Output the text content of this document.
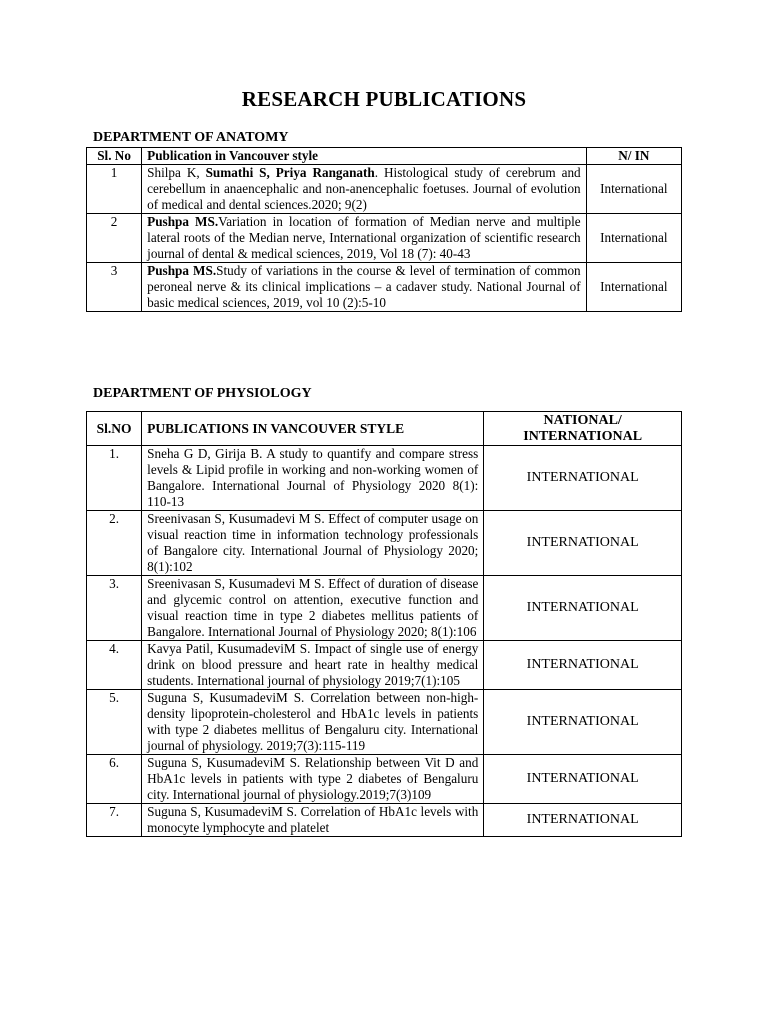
RESEARCH PUBLICATIONS
DEPARTMENT OF ANATOMY
Sl. No	Publication in Vancouver style	N/ IN
1	Shilpa K, Sumathi S, Priya Ranganath. Histological study of cerebrum and cerebellum in anaencephalic and non-anencephalic foetuses. Journal of evolution of medical and dental sciences.2020; 9(2)	International
2	Pushpa MS.Variation in location of formation of Median nerve and multiple lateral roots of the Median nerve, International organization of scientific research journal of dental & medical sciences, 2019, Vol 18 (7): 40-43	International
3	Pushpa MS.Study of variations in the course & level of termination of common peroneal nerve & its clinical implications – a cadaver study. National Journal of basic medical sciences, 2019, vol 10 (2):5-10	International
DEPARTMENT OF PHYSIOLOGY
Sl.NO	PUBLICATIONS IN VANCOUVER STYLE	NATIONAL/ INTERNATIONAL
1.	Sneha G D, Girija B. A study to quantify and compare stress levels & Lipid profile in working and non-working women of Bangalore. International Journal of Physiology 2020 8(1): 110-13	INTERNATIONAL
2.	Sreenivasan S, Kusumadevi M S. Effect of computer usage on visual reaction time in information technology professionals of Bangalore city. International Journal of Physiology 2020; 8(1):102	INTERNATIONAL
3.	Sreenivasan S, Kusumadevi M S. Effect of duration of disease and glycemic control on attention, executive function and visual reaction time in type 2 diabetes mellitus patients of Bangalore. International Journal of Physiology 2020; 8(1):106	INTERNATIONAL
4.	Kavya Patil, KusumadeviM S. Impact of single use of energy drink on blood pressure and heart rate in healthy medical students. International journal of physiology 2019;7(1):105	INTERNATIONAL
5.	Suguna S, KusumadeviM S. Correlation between non-high-density lipoprotein-cholesterol and HbA1c levels in patients with type 2 diabetes mellitus of Bengaluru city. International journal of physiology. 2019;7(3):115-119	INTERNATIONAL
6.	Suguna S, KusumadeviM S. Relationship between Vit D and HbA1c levels in patients with type 2 diabetes of Bengaluru city. International journal of physiology.2019;7(3)109	INTERNATIONAL
7.	Suguna S, KusumadeviM S. Correlation of HbA1c levels with monocyte lymphocyte and platelet	INTERNATIONAL
